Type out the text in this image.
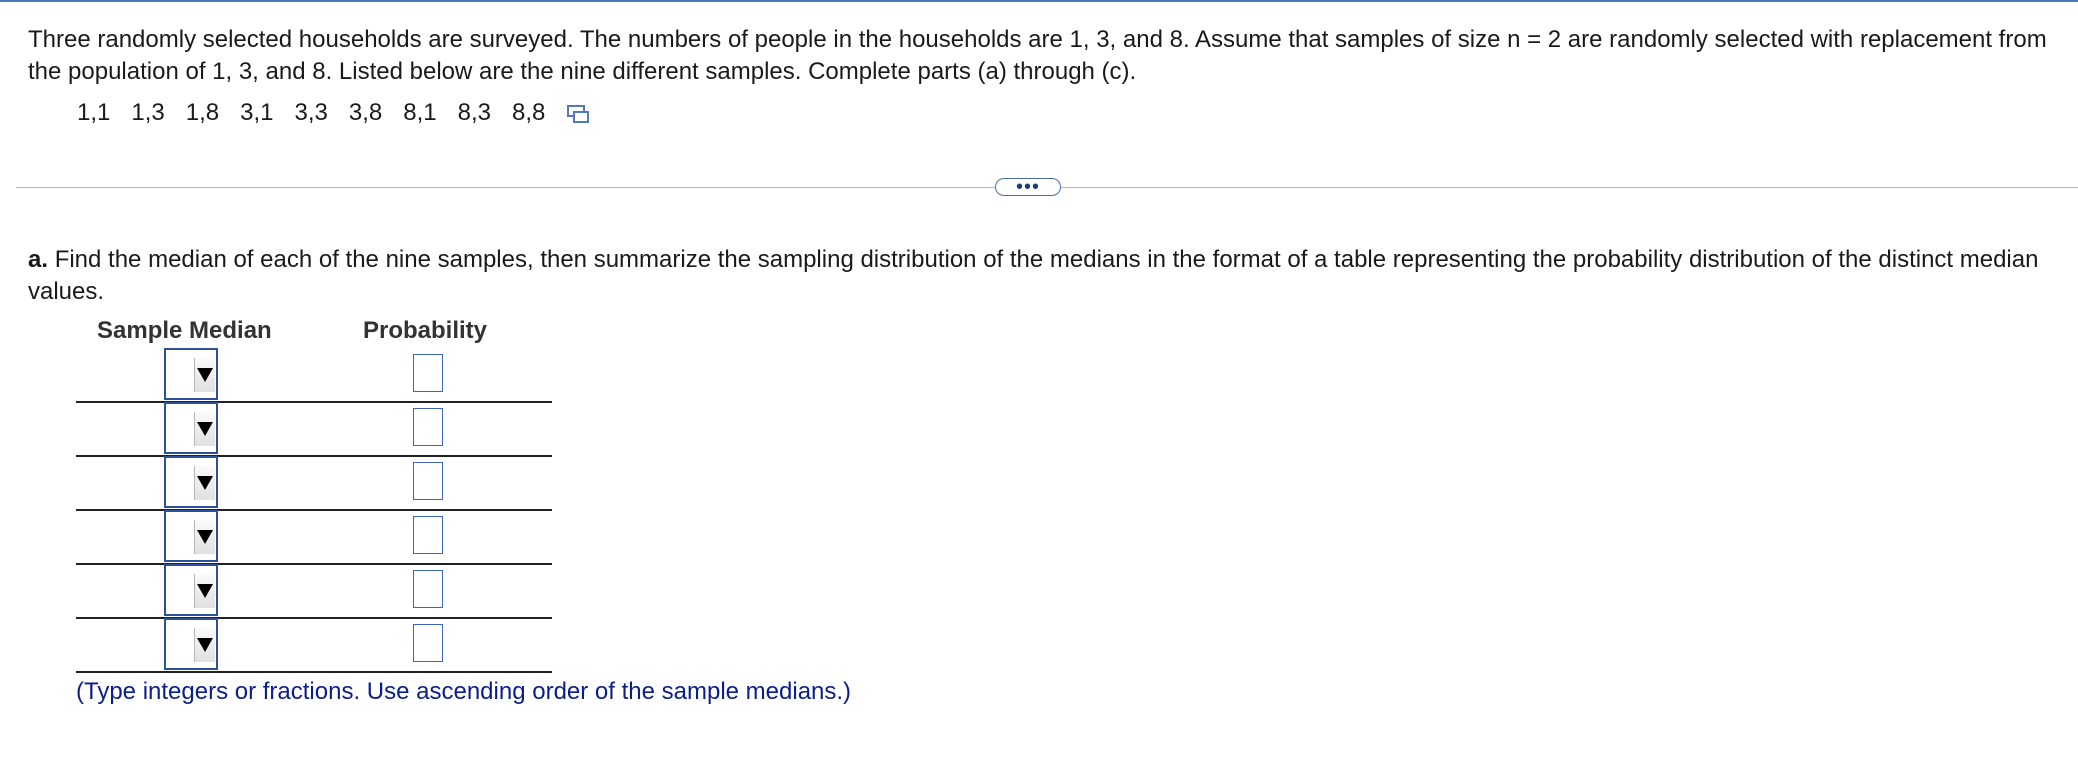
Three randomly selected households are surveyed. The numbers of people in the households are 1, 3, and 8. Assume that samples of size n = 2 are randomly selected with replacement from the population of 1, 3, and 8. Listed below are the nine different samples. Complete parts (a) through (c).
1,1 1,3 1,8 3,1 3,3 3,8 8,1 8,3 8,8
•••
a. Find the median of each of the nine samples, then summarize the sampling distribution of the medians in the format of a table representing the probability distribution of the distinct median values.
Sample Median	Probability
(Type integers or fractions. Use ascending order of the sample medians.)
